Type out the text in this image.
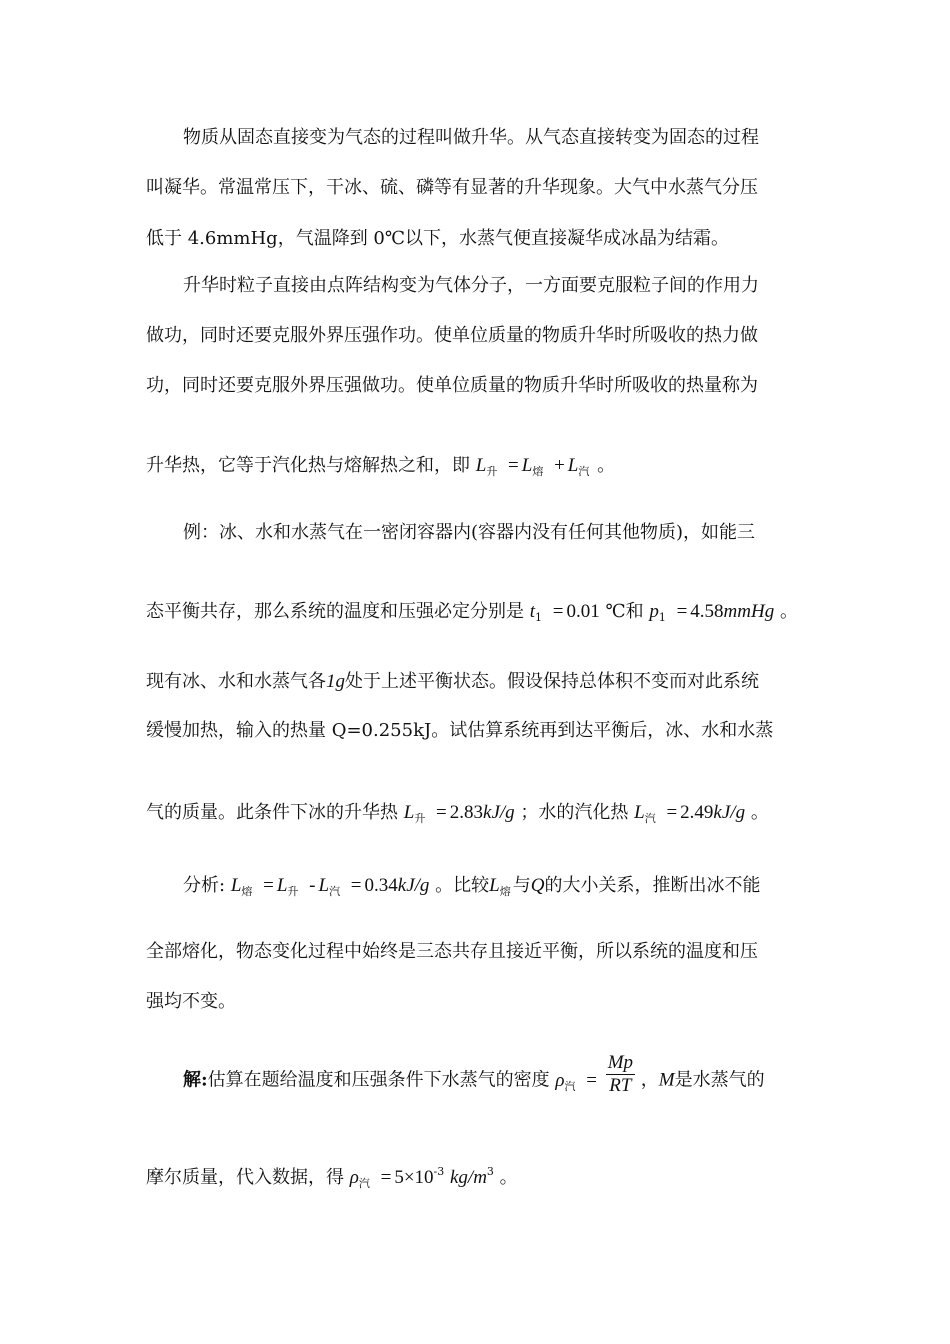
物质从固态直接变为气态的过程叫做升华。从气态直接转变为固态的过程
叫凝华。常温常压下，干冰、硫、磷等有显著的升华现象。大气中水蒸气分压
低于 4.6mmHg，气温降到 0℃以下，水蒸气便直接凝华成冰晶为结霜。
升华时粒子直接由点阵结构变为气体分子，一方面要克服粒子间的作用力
做功，同时还要克服外界压强作功。使单位质量的物质升华时所吸收的热力做
功，同时还要克服外界压强做功。使单位质量的物质升华时所吸收的热量称为
升华热，它等于汽化热与熔解热之和，即 $L_升 = L_熔 + L_汽$ 。
例：冰、水和水蒸气在一密闭容器内(容器内没有任何其他物质)，如能三
态平衡共存，那么系统的温度和压强必定分别是 $t_1 = 0.01$ ℃和 $p_1$ = 4.58mmHg 。
现有冰、水和水蒸气各1g处于上述平衡状态。假设保持总体积不变而对此系统
缓慢加热，输入的热量 Q=0.255kJ。试估算系统再到达平衡后，冰、水和水蒸
气的质量。此条件下冰的升华热 $L_升 = 2.83kJ/g$ ；水的汽化热 $L_汽 = 2.49kJ/g$ 。
分析: $L_熔 = L_升 - L_汽 = 0.34kJ/g$ 。比较$L_熔$ 与Q的大小关系，推断出冰不能
全部熔化，物态变化过程中始终是三态共存且接近平衡，所以系统的温度和压
强均不变。
解:估算在题给温度和压强条件下水蒸气的密度 $\rho_汽 = \frac{Mp}{RT}$ ，M是水蒸气的
摩尔质量，代入数据，得 $\rho_汽 = 5\times 10^{-3}$ $kg/m^3$ 。
